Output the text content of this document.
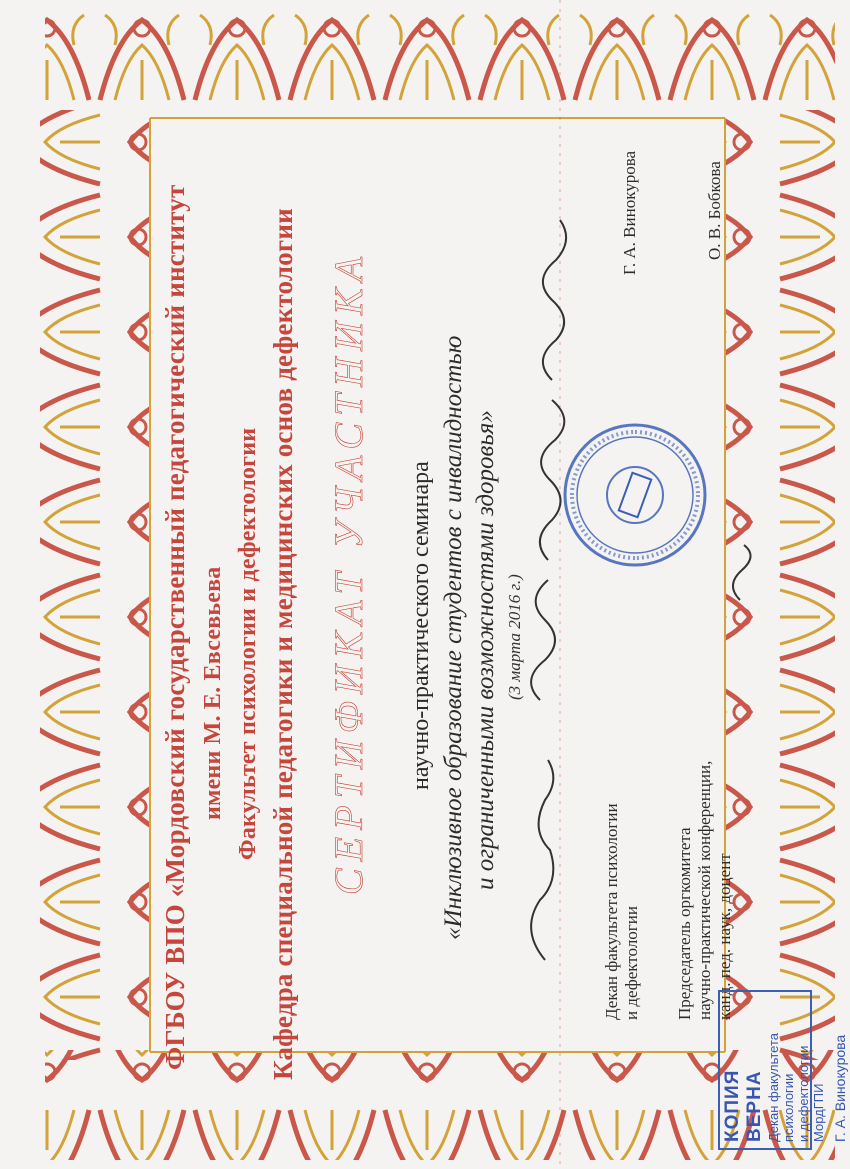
ФГБОУ ВПО «Мордовский государственный педагогический институт имени М. Е. Евсевьева Факультет психологии и дефектологии Кафедра специальной педагогики и медицинских основ дефектологии СЕРТИФИКАТ УЧАСТНИКА научно-практического семинара «Инклюзивное образование студентов с инвалидностью и ограниченными возможностями здоровья» (3 марта 2016 г.)
Декан факультета психологии и дефектологии
Г. А. Винокурова
Председатель оргкомитета научно-практической конференции, канд. пед. наук, доцент
О. В. Бобкова
КОПИЯ ВЕРНА Декан факультета психологии и дефектологии МордГПИ Г. А. Винокурова
